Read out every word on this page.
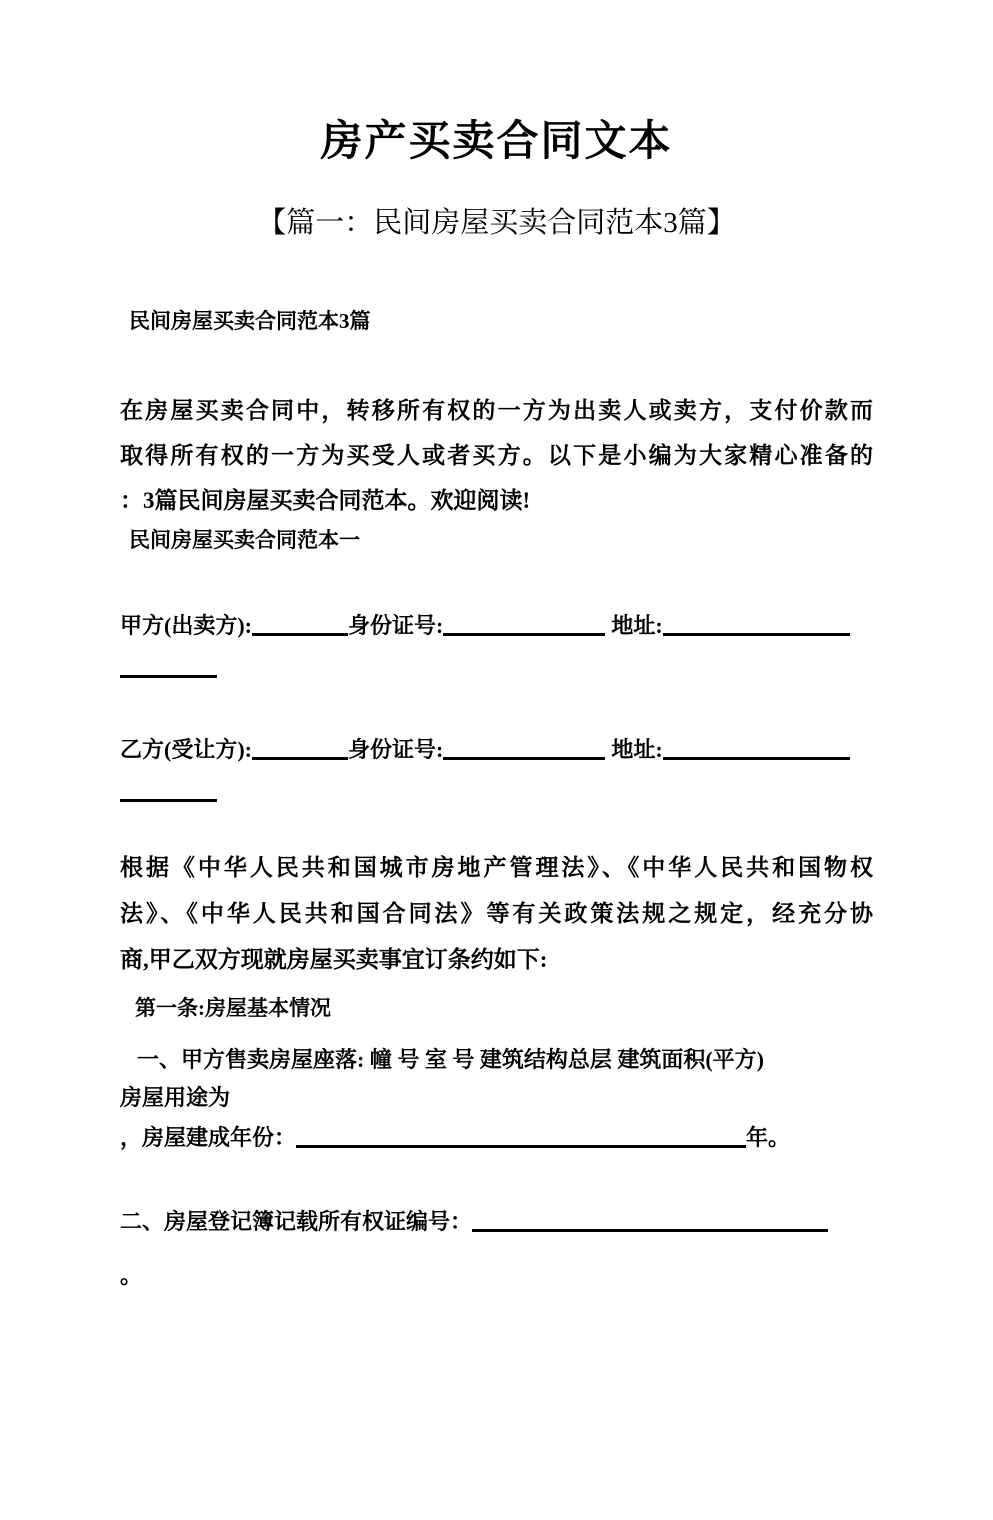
房产买卖合同文本
【篇一：民间房屋买卖合同范本3篇】

民间房屋买卖合同范本3篇

在房屋买卖合同中，转移所有权的一方为出卖人或卖方，支付价款而
取得所有权的一方为买受人或者买方。以下是小编为大家精心准备的
：3篇民间房屋买卖合同范本。欢迎阅读!

民间房屋买卖合同范本一

甲方(出卖方):	身份证号:	地址:
乙方(受让方):	身份证号:	地址:
根据《中华人民共和国城市房地产管理法》、《中华人民共和国物权
法》、《中华人民共和国合同法》等有关政策法规之规定，经充分协
商,甲乙双方现就房屋买卖事宜订条约如下:

第一条:房屋基本情况

一、甲方售卖房屋座落: 幢 号 室 号 建筑结构总层 建筑面积(平方)
房屋用途为
，房屋建成年份：	年。
二、房屋登记簿记载所有权证编号：
。
